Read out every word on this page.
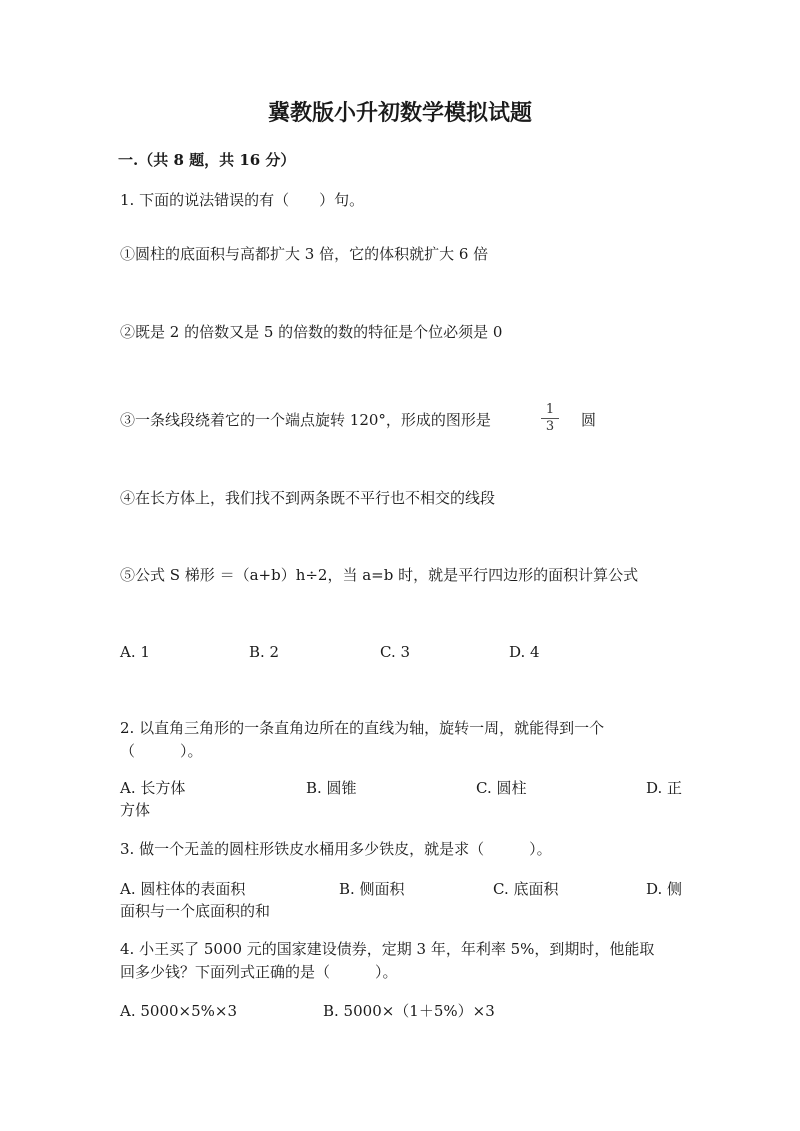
冀教版小升初数学模拟试题
一.（共 8 题，共 16 分）
1. 下面的说法错误的有（　　）句。
①圆柱的底面积与高都扩大 3 倍，它的体积就扩大 6 倍
②既是 2 的倍数又是 5 的倍数的数的特征是个位必须是 0
③一条线段绕着它的一个端点旋转 120°，形成的图形是	$\frac{1}{3}$ 圆
④在长方体上，我们找不到两条既不平行也不相交的线段
⑤公式 S 梯形 ＝（a+b）h÷2，当 a=b 时，就是平行四边形的面积计算公式
A. 1	B. 2	C. 3	D. 4
2. 以直角三角形的一条直角边所在的直线为轴，旋转一周，就能得到一个
（　　　）。
A. 长方体	B. 圆锥	C. 圆柱	D. 正
方体
3. 做一个无盖的圆柱形铁皮水桶用多少铁皮，就是求（　　　）。
A. 圆柱体的表面积	B. 侧面积	C. 底面积	D. 侧
面积与一个底面积的和
4. 小王买了 5000 元的国家建设债券，定期 3 年，年利率 5%，到期时，他能取
回多少钱？下面列式正确的是（　　　）。
A. 5000×5%×3	B. 5000×（1＋5%）×3
